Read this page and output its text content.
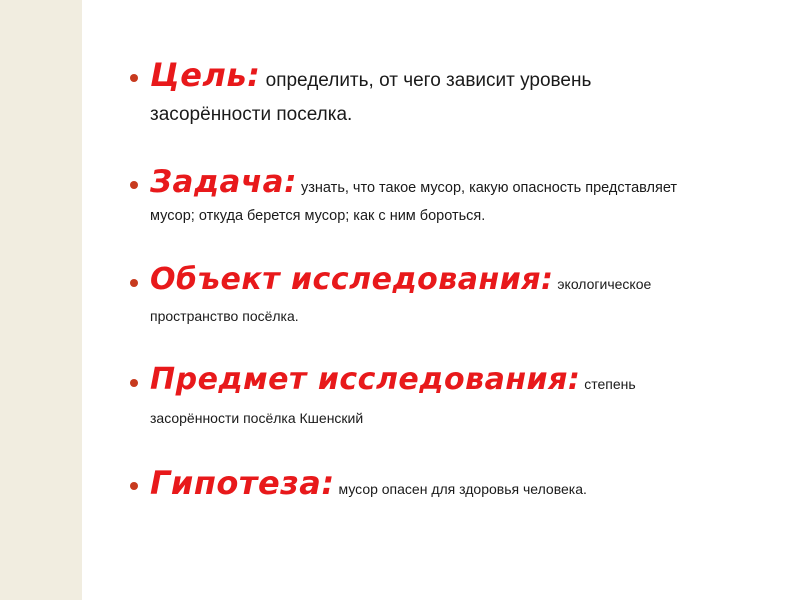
Цель: определить, от чего зависит уровень
засорённости поселка.
Задача: узнать, что такое мусор, какую опасность представляет
мусор; откуда берется мусор; как с ним бороться.
Объект исследования: экологическое
пространство посёлка.
Предмет исследования: степень
засорённости посёлка Кшенский
Гипотеза: мусор опасен для здоровья человека.
